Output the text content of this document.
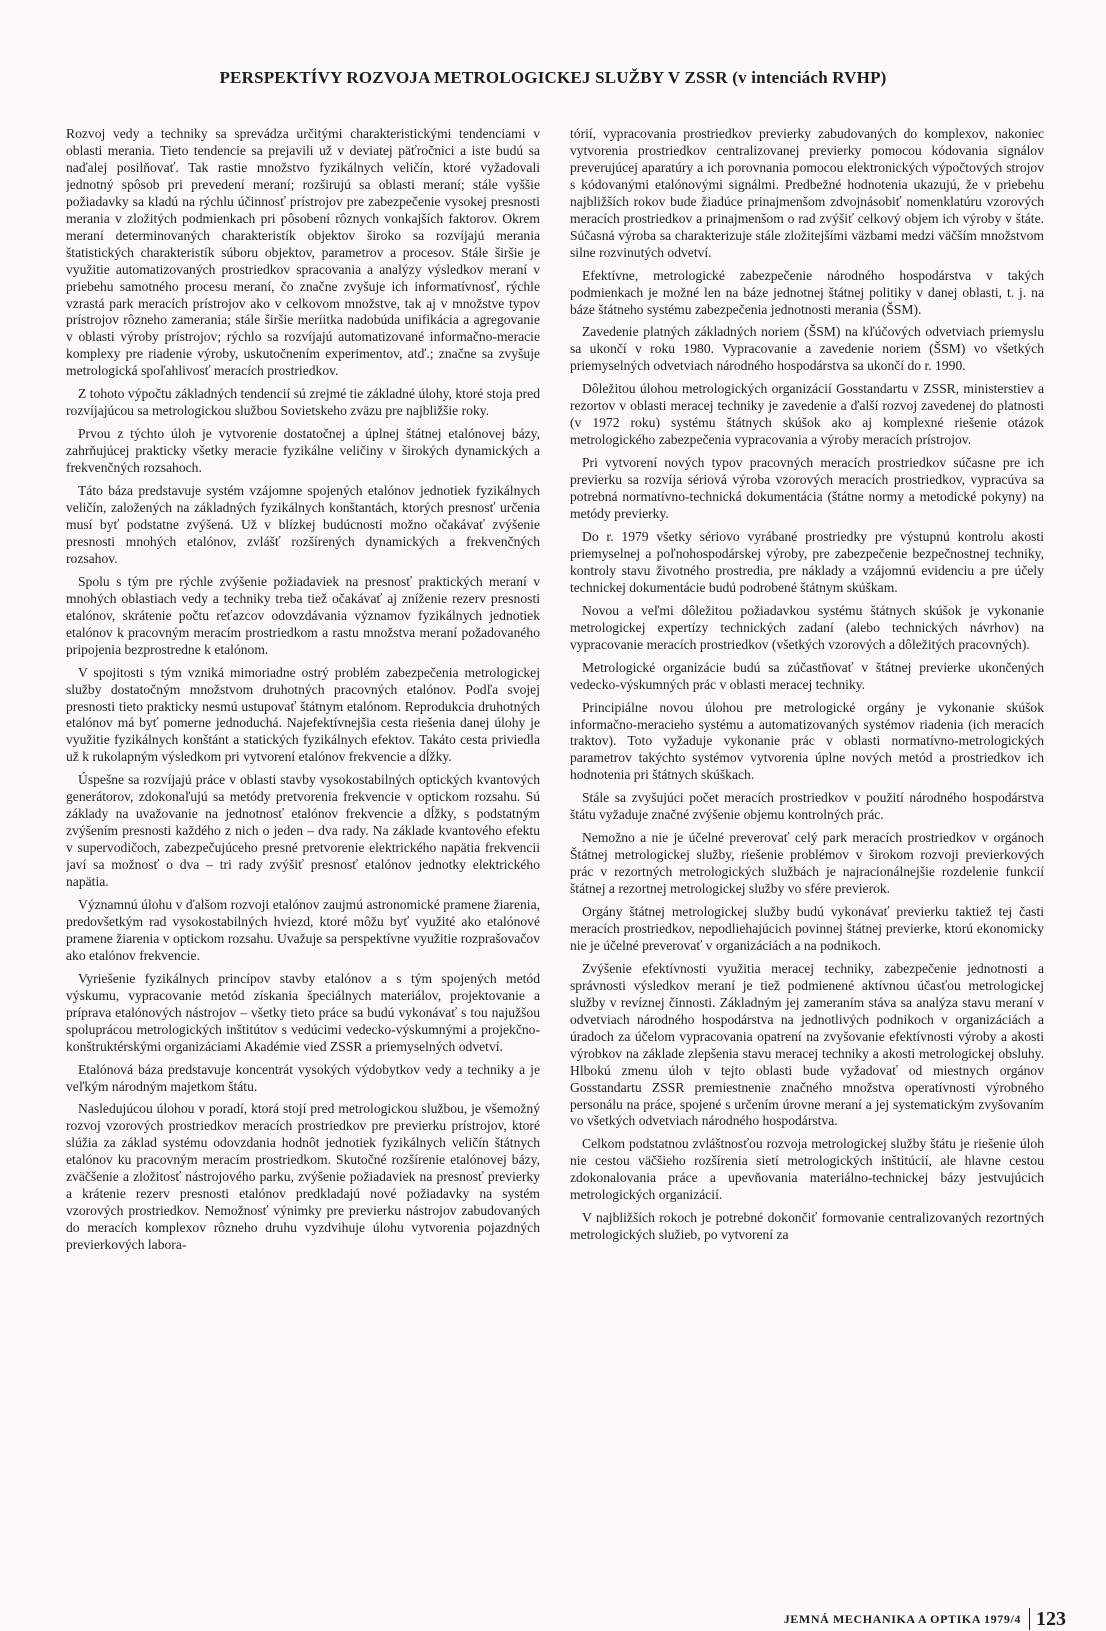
PERSPEKTÍVY ROZVOJA METROLOGICKEJ SLUŽBY V ZSSR (v intenciách RVHP)

Rozvoj vedy a techniky sa sprevádza určitými charakteristickými tendenciami v oblasti merania. Tieto tendencie sa prejavili už v deviatej päťročnici a iste budú sa naďalej posilňovať. Tak rastie množstvo fyzikálnych veličín, ktoré vyžadovali jednotný spôsob pri prevedení meraní; rozširujú sa oblasti meraní; stále vyššie požiadavky sa kladú na rýchlu účinnosť prístrojov pre zabezpečenie vysokej presnosti merania v zložitých podmienkach pri pôsobení rôznych vonkajších faktorov. Okrem meraní determinovaných charakteristík objektov široko sa rozvíjajú merania štatistických charakteristík súboru objektov, parametrov a procesov. Stále širšie je využitie automatizovaných prostriedkov spracovania a analýzy výsledkov meraní v priebehu samotného procesu meraní, čo značne zvyšuje ich informatívnosť, rýchle vzrastá park meracích prístrojov ako v celkovom množstve, tak aj v množstve typov prístrojov rôzneho zamerania; stále širšie meríitka nadobúda unifikácia a agregovanie v oblasti výroby prístrojov; rýchlo sa rozvíjajú automatizované informačno-meracie komplexy pre riadenie výroby, uskutočnením experimentov, atď.; značne sa zvyšuje metrologická spoľahlivosť meracích prostriedkov.

Z tohoto výpočtu základných tendencií sú zrejmé tie základné úlohy, ktoré stoja pred rozvíjajúcou sa metrologickou službou Sovietskeho zväzu pre najbližšie roky.

Prvou z týchto úloh je vytvorenie dostatočnej a úplnej štátnej etalónovej bázy, zahrňujúcej prakticky všetky meracie fyzikálne veličiny v širokých dynamických a frekvenčných rozsahoch.

Táto báza predstavuje systém vzájomne spojených etalónov jednotiek fyzikálnych veličín, založených na základných fyzikálnych konštantách, ktorých presnosť určenia musí byť podstatne zvýšená. Už v blízkej budúcnosti možno očakávať zvýšenie presnosti mnohých etalónov, zvlášť rozšírených dynamických a frekvenčných rozsahov.

Spolu s tým pre rýchle zvýšenie požiadaviek na presnosť praktických meraní v mnohých oblastiach vedy a techniky treba tiež očakávať aj zníženie rezerv presnosti etalónov, skrátenie počtu reťazcov odovzdávania významov fyzikálnych jednotiek etalónov k pracovným meracím prostriedkom a rastu množstva meraní požadovaného pripojenia bezprostredne k etalónom.

V spojitosti s tým vzniká mimoriadne ostrý problém zabezpečenia metrologickej služby dostatočným množstvom druhotných pracovných etalónov. Podľa svojej presnosti tieto prakticky nesmú ustupovať štátnym etalónom. Reprodukcia druhotných etalónov má byť pomerne jednoduchá. Najefektívnejšia cesta riešenia danej úlohy je využitie fyzikálnych konštánt a statických fyzikálnych efektov. Takáto cesta priviedla už k rukolapným výsledkom pri vytvorení etalónov frekvencie a dĺžky.

Úspešne sa rozvíjajú práce v oblasti stavby vysokostabilných optických kvantových generátorov, zdokonaľujú sa metódy pretvorenia frekvencie v optickom rozsahu. Sú základy na uvažovanie na jednotnosť etalónov frekvencie a dĺžky, s podstatným zvýšením presnosti každého z nich o jeden – dva rady. Na základe kvantového efektu v supervodičoch, zabezpečujúceho presné pretvorenie elektrického napätia frekvencii javí sa možnosť o dva – tri rady zvýšiť presnosť etalónov jednotky elektrického napätia.

Významnú úlohu v ďalšom rozvoji etalónov zaujmú astronomické pramene žiarenia, predovšetkým rad vysokostabilných hviezd, ktoré môžu byť využité ako etalónové pramene žiarenia v optickom rozsahu. Uvažuje sa perspektívne využitie rozprašovačov ako etalónov frekvencie.

Vyriešenie fyzikálnych princípov stavby etalónov a s tým spojených metód výskumu, vypracovanie metód získania špeciálnych materiálov, projektovanie a príprava etalónových nástrojov – všetky tieto práce sa budú vykonávať s tou najužšou spoluprácou metrologických inštitútov s vedúcimi vedecko-výskumnými a projekčno-konštruktérskými organizáciami Akadémie vied ZSSR a priemyselných odvetví.

Etalónová báza predstavuje koncentrát vysokých výdobytkov vedy a techniky a je veľkým národným majetkom štátu.

Nasledujúcou úlohou v poradí, ktorá stojí pred metrologickou službou, je všemožný rozvoj vzorových prostriedkov meracích prostriedkov pre previerku prístrojov, ktoré slúžia za základ systému odovzdania hodnôt jednotiek fyzikálnych veličín štátnych etalónov ku pracovným meracím prostriedkom. Skutočné rozšírenie etalónovej bázy, zväčšenie a zložitosť nástrojového parku, zvýšenie požiadaviek na presnosť previerky a krátenie rezerv presnosti etalónov predkladajú nové požiadavky na systém vzorových prostriedkov. Nemožnosť výnimky pre previerku nástrojov zabudovaných do meracích komplexov rôzneho druhu vyzdvihuje úlohu vytvorenia pojazdných previerkových labora-

tórií, vypracovania prostriedkov previerky zabudovaných do komplexov, nakoniec vytvorenia prostriedkov centralizovanej previerky pomocou kódovania signálov preverujúcej aparatúry a ich porovnania pomocou elektronických výpočtových strojov s kódovanými etalónovými signálmi. Predbežné hodnotenia ukazujú, že v priebehu najbližších rokov bude žiadúce prinajmenšom zdvojnásobiť nomenklatúru vzorových meracích prostriedkov a prinajmenšom o rad zvýšiť celkový objem ich výroby v štáte. Súčasná výroba sa charakterizuje stále zložitejšími väzbami medzi väčším množstvom silne rozvinutých odvetví.

Efektívne, metrologické zabezpečenie národného hospodárstva v takých podmienkach je možné len na báze jednotnej štátnej politiky v danej oblasti, t. j. na báze štátneho systému zabezpečenia jednotnosti merania (ŠSM).

Zavedenie platných základných noriem (ŠSM) na kľúčových odvetviach priemyslu sa ukončí v roku 1980. Vypracovanie a zavedenie noriem (ŠSM) vo všetkých priemyselných odvetviach národného hospodárstva sa ukončí do r. 1990.

Dôležitou úlohou metrologických organizácií Gosstandartu v ZSSR, ministerstiev a rezortov v oblasti meracej techniky je zavedenie a ďalší rozvoj zavedenej do platnosti (v 1972 roku) systému štátnych skúšok ako aj komplexné riešenie otázok metrologického zabezpečenia vypracovania a výroby meracích prístrojov.

Pri vytvorení nových typov pracovných meracích prostriedkov súčasne pre ich previerku sa rozvíja sériová výroba vzorových meracích prostriedkov, vypracúva sa potrebná normatívno-technická dokumentácia (štátne normy a metodické pokyny) na metódy previerky.

Do r. 1979 všetky sériovo vyrábané prostriedky pre výstupnú kontrolu akosti priemyselnej a poľnohospodárskej výroby, pre zabezpečenie bezpečnostnej techniky, kontroly stavu životného prostredia, pre náklady a vzájomnú evidenciu a pre účely technickej dokumentácie budú podrobené štátnym skúškam.

Novou a veľmi dôležitou požiadavkou systému štátnych skúšok je vykonanie metrologickej expertízy technických zadaní (alebo technických návrhov) na vypracovanie meracích prostriedkov (všetkých vzorových a dôležitých pracovných).

Metrologické organizácie budú sa zúčastňovať v štátnej previerke ukončených vedecko-výskumných prác v oblasti meracej techniky.

Principiálne novou úlohou pre metrologické orgány je vykonanie skúšok informačno-meracieho systému a automatizovaných systémov riadenia (ich meracích traktov). Toto vyžaduje vykonanie prác v oblasti normatívno-metrologických parametrov takýchto systémov vytvorenia úplne nových metód a prostriedkov ich hodnotenia pri štátnych skúškach.

Stále sa zvyšujúci počet meracích prostriedkov v použití národného hospodárstva štátu vyžaduje značné zvýšenie objemu kontrolných prác.

Nemožno a nie je účelné preverovať celý park meracích prostriedkov v orgánoch Štátnej metrologickej služby, riešenie problémov v širokom rozvoji previerkových prác v rezortných metrologických službách je najracionálnejšie rozdelenie funkcií štátnej a rezortnej metrologickej služby vo sfére previerok.

Orgány štátnej metrologickej služby budú vykonávať previerku taktiež tej časti meracích prostriedkov, nepodliehajúcich povinnej štátnej previerke, ktorú ekonomicky nie je účelné preverovať v organizáciách a na podnikoch.

Zvýšenie efektívnosti využitia meracej techniky, zabezpečenie jednotnosti a správnosti výsledkov meraní je tiež podmienené aktívnou účasťou metrologickej služby v revíznej činnosti. Základným jej zameraním stáva sa analýza stavu meraní v odvetviach národného hospodárstva na jednotlivých podnikoch v organizáciách a úradoch za účelom vypracovania opatrení na zvyšovanie efektívnosti výroby a akosti výrobkov na základe zlepšenia stavu meracej techniky a akosti metrologickej obsluhy. Hlbokú zmenu úloh v tejto oblasti bude vyžadovať od miestnych orgánov Gosstandartu ZSSR premiestnenie značného množstva operatívnosti výrobného personálu na práce, spojené s určením úrovne meraní a jej systematickým zvyšovaním vo všetkých odvetviach národného hospodárstva.

Celkom podstatnou zvláštnosťou rozvoja metrologickej služby štátu je riešenie úloh nie cestou väčšieho rozšírenia sietí metrologických inštitúcií, ale hlavne cestou zdokonalovania práce a upevňovania materiálno-technickej bázy jestvujúcich metrologických organizácií.

V najbližších rokoch je potrebné dokončiť formovanie centralizovaných rezortných metrologických služieb, po vytvorení za

JEMNÁ MECHANIKA A OPTIKA 1979/4 123
